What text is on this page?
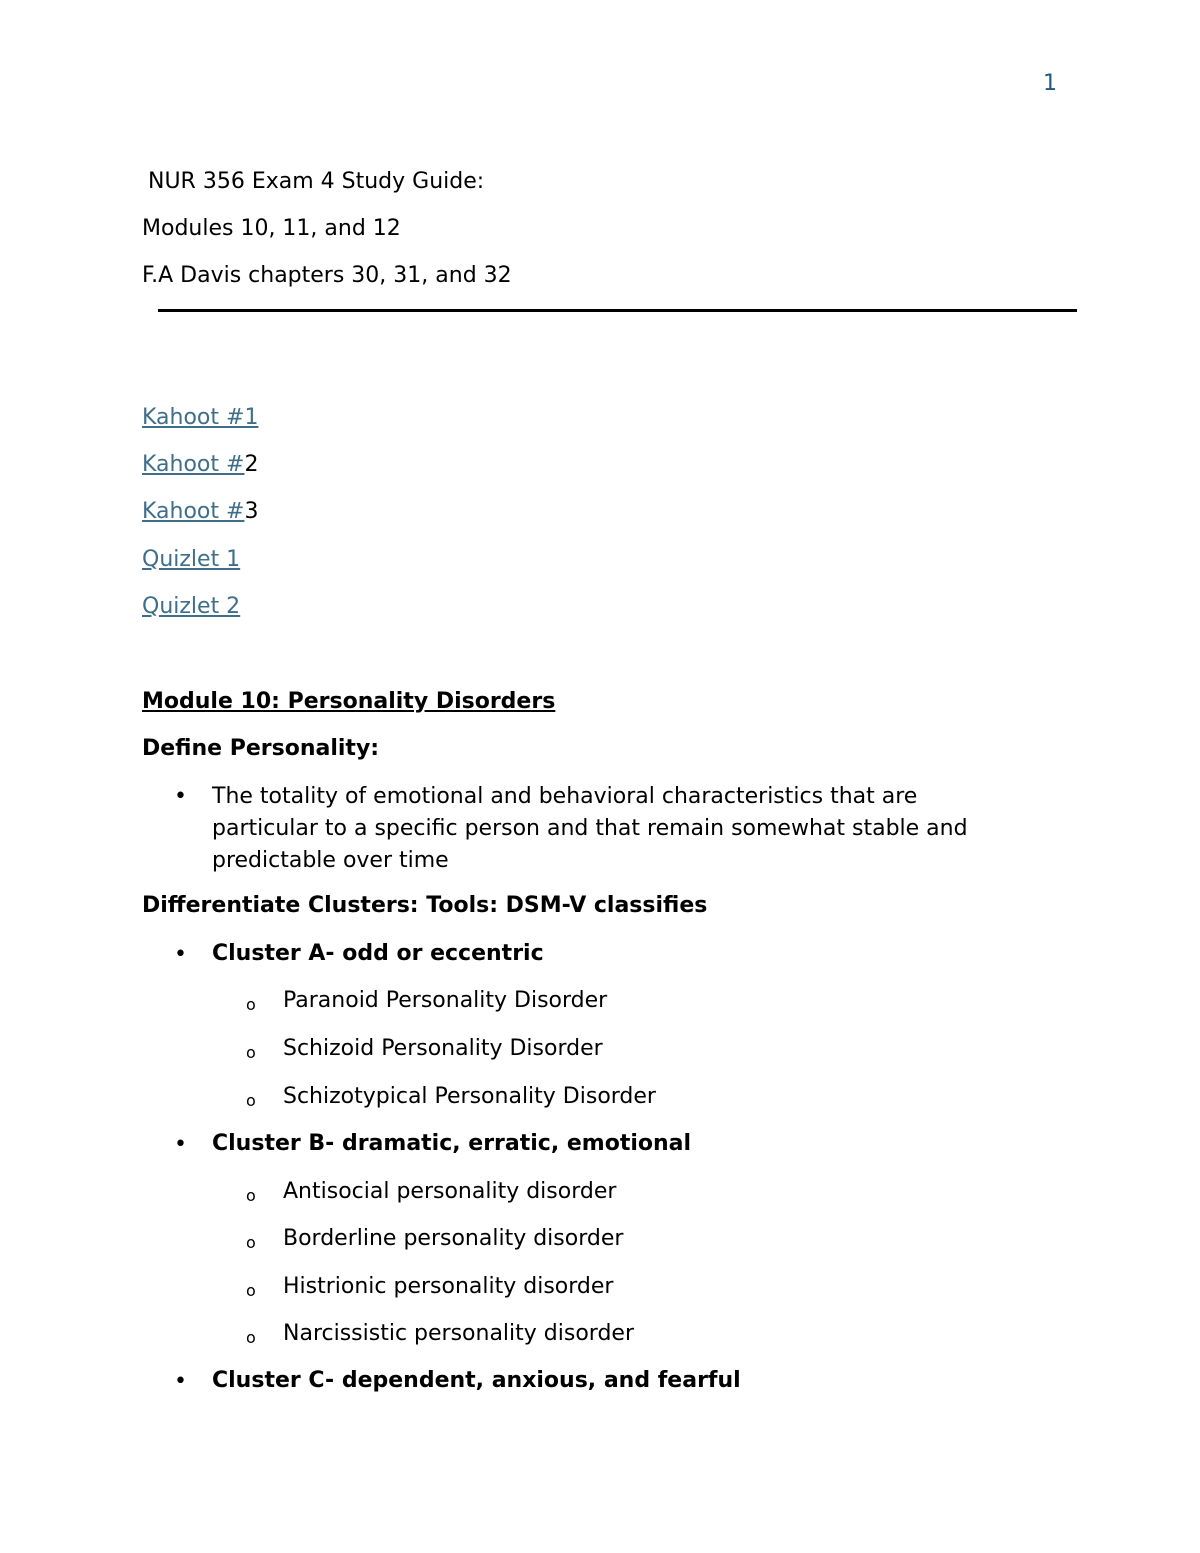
1
NUR 356 Exam 4 Study Guide:
Modules 10, 11, and 12
F.A Davis chapters 30, 31, and 32
Kahoot #1
Kahoot #2
Kahoot #3
Quizlet 1
Quizlet 2
Module 10: Personality Disorders
Define Personality:
• The totality of emotional and behavioral characteristics that are
particular to a specific person and that remain somewhat stable and
predictable over time
Differentiate Clusters: Tools: DSM-V classifies
• Cluster A- odd or eccentric
o Paranoid Personality Disorder
o Schizoid Personality Disorder
o Schizotypical Personality Disorder
• Cluster B- dramatic, erratic, emotional
o Antisocial personality disorder
o Borderline personality disorder
o Histrionic personality disorder
o Narcissistic personality disorder
• Cluster C- dependent, anxious, and fearful
